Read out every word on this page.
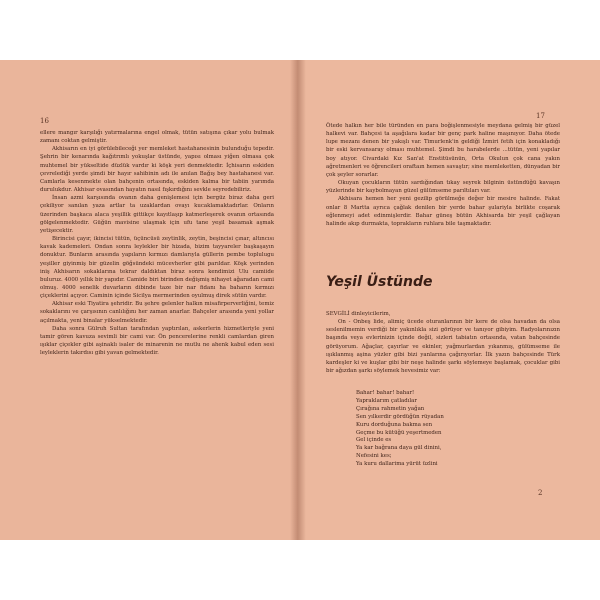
16

ellere mangır karşılığı yatırmalarına engel olmak, tütün satışına çıkar yolu bulmak zamanı coktan gelmiştir.

Akhisarın en iyi görülebileceği yer memleket hastahanesinin bulunduğu tepedir. Şehrin bir kenarında kağıtrımlı yokuşlar üstünde, yapısı olması yiğen olmasa çok muhtemel bir yükseltide düzlük vardır ki köşk yeri denmektedir. İçhisarın eskiden çevrelediği yerde şimdi bir hayır sahibinin adı ile anılan Bağış bey hastahanesi var. Camlarla kesenmekte olan bahçenin ortasında, eskiden kalma bir tabiin yarımda durulukdur. Akhisar ovasından hayatın nasıl fışkırdığını sevkle seyredebiliriz.

İnsan azmi karşısında ovanın daha genişlemesi için bergüz biraz daha geri çekiliyor sanılan yaza artlar ta uzaklardan ovayı kucaklamaktadırlar. Onların üzerinden başkaca alaca yeşillik gittikçe kayıtlaşıp katmerleşerek ovanın ortasında gölgelenmektedir. Güğün mavisine ulaşmak için ufu tane yeşil basamak aşmak yetişecektir.

Birincisi çayır, ikincisi tütün, üçüncüsü zeytinlik, zeytin, beşincisi çınar, altıncısı kavak kademeleri. Ondan sonra leylekler bir hizada, bizim tayyareler başkaşayın donuktur. Bunların arasında yapıların kırmızı damlarıyla güllerin pembe toplulugu yeşiller giyinmiş bir güzelin göğsündeki mücevherler gibi parıldar. Köşk yerinden iniş Akhisarın sokaklarına tekrar daldıktan biraz sonra kendimizi Ulu camiide buluruz. 4000 yıllık bir yapıdır. Camide biri birinden değişmiş nihayet ağaradan cami olmuş. 4000 senelik duvarların dibinde taze bir nar fidanı ha baharın kırmızı çiçeklerini açıyor. Caminin içinde Sicilya mermerinden oyulmuş direk sütün vardır.

Akhisar eski Tiyatira şehridir. Bu şehre gelenler halkın misafirperverliğini, temiz sokaklarını ve çarşısının canlılığını her zaman anarlar. Bahçeler arasında yeni yollar açılmakta, yeni binalar yükselmektedir.

Daha sonra Gülruh Sultan tarafından yaptırılan, askerlerin hizmetleriyle yeni tamir gören kavuza sevimli bir cami var. Ön pencerelerine renkli camlardan giren ışıklar çiçekler gibi aşinaklı isaler de minarenin ne mutlu ne ahenk kabul eden sesi leyleklerin takırdısı gibi yavan gelmektedir.

17

Ötede halkın her bile türünden en para boğişlenmesiyle meydana gelmiş bir güzel halkevi var. Bahçesi ta aşağılara kadar bir genç park haline maşınıyor. Daha ötede lupe mezanı denen bir yakışlı var. Timurlenk'in geldiği İzmiri fetih için konakladığı bir eski kervansaray olması muhtemel. Şimdi bu harabelerde ...tütün, yeni yapılar boy atıyor. Civardaki Kız San'at Enstitüsünün, Orta Okulun çok cana yakın ağretmenleri ve öğrencileri oraftaın hemen savaştır; sine memleketten, dünyadan bir çok şeyler sorarlar.

Okuyan çocukların tütün sardığından tıkay seyrek bilginin üstündüğü kavaşın yüzlerinde bir kaybolmayan güzel gülümseme parıltıları var.

Akhisara hemen her yeni gezilip görülmeğe değer bir mesire halinde. Fakat onlar 8 Martta ayrıca çağlak denilen bir yerde bahar şulariyla birlikte coşarak eğlenmeyi adet edinmişlerdir. Bahar güneş bütün Akhisarda bir yeşil çağlayan halinde akıp durmakta, toprakların ruhlara bile taşmaktadır.

Yeşil Üstünde

SEVGİLİ dinleyicilerim,

On - Onbeş lide, alimiç ücede oturanlarının bir kere de olsa havadan da olsa seslenilmemin verdiği bir yakınlıkla sizi görüyor ve tanıyor gibiyim. Radyolarınızın başında veya evlerinizin içinde değil, sizleri tabiatın ortasında, vatan bahçesinde görüyorum. Ağaçlar, çayırlar ve ekinler, yağmurlardan yıkanmış, gülümseme ile ışıklanmış aşina yüzler gibi bizi yanlarına çağırıyorlar. İlk yazın bahçesinde Türk kardeşler ki ve kuşlar gibi bir neşe halinde şarkı söylemeye başlamak, çocuklar gibi bir ağızdan şarkı söylemek hevesimiz var:

Bahar! bahar! bahar!
Yapraklarım çatladılar
Çırağına rahmetin yağan
Sen yılkerdir gördüğün rüyadan
Kuru dorduğuna bakma sen
Geçme bu kütüğü yeşertmeden
Gel içinde es
Ya kar bağrana daya gül dinini,
Nefesini kes;
Ya kuru dallarima yürüt üzlini
2
